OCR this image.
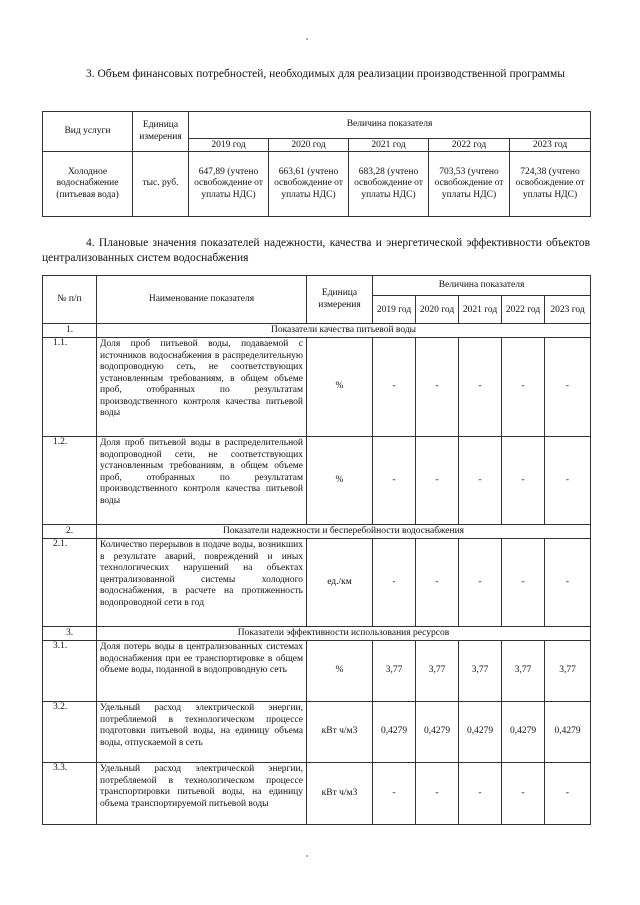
3. Объем финансовых потребностей, необходимых для реализации производственной программы

Вид услуги	Единица измерения	Величина показателя				
		2019 год	2020 год	2021 год	2022 год	2023 год
Холодное водоснабжение (питьевая вода)	тыс. руб.	647,89 (учтено освобождение от уплаты НДС)	663,61 (учтено освобождение от уплаты НДС)	683,28 (учтено освобождение от уплаты НДС)	703,53 (учтено освобождение от уплаты НДС)	724,38 (учтено освобождение от уплаты НДС)

4. Плановые значения показателей надежности, качества и энергетической эффективности объектов централизованных систем водоснабжения

№ п/п	Наименование показателя	Единица измерения	Величина показателя				
			2019 год	2020 год	2021 год	2022 год	2023 год
1.	Показатели качества питьевой воды						
1.1.	Доля проб питьевой воды, подаваемой с источников водоснабжения в распределительную водопроводную сеть, не соответствующих установленным требованиям, в общем объеме проб, отобранных по результатам производственного контроля качества питьевой воды	%	-	-	-	-	-
1.2.	Доля проб питьевой воды в распределительной водопроводной сети, не соответствующих установленным требованиям, в общем объеме проб, отобранных по результатам производственного контроля качества питьевой воды	%	-	-	-	-	-
2.	Показатели надежности и бесперебойности водоснабжения						
2.1.	Количество перерывов в подаче воды, возникших в результате аварий, повреждений и иных технологических нарушений на объектах централизованной системы холодного водоснабжения, в расчете на протяженность водопроводной сети в год	ед./км	-	-	-	-	-
3.	Показатели эффективности использования ресурсов						
3.1.	Доля потерь воды в централизованных системах водоснабжения при ее транспортировке в общем объеме воды, поданной в водопроводную сеть	%	3,77	3,77	3,77	3,77	3,77
3.2.	Удельный расход электрической энергии, потребляемой в технологическом процессе подготовки питьевой воды, на единицу объема воды, отпускаемой в сеть	кВт ч/м3	0,4279	0,4279	0,4279	0,4279	0,4279
3.3.	Удельный расход электрической энергии, потребляемой в технологическом процессе транспортировки питьевой воды, на единицу объема транспортируемой питьевой воды	кВт ч/м3	-	-	-	-	-
